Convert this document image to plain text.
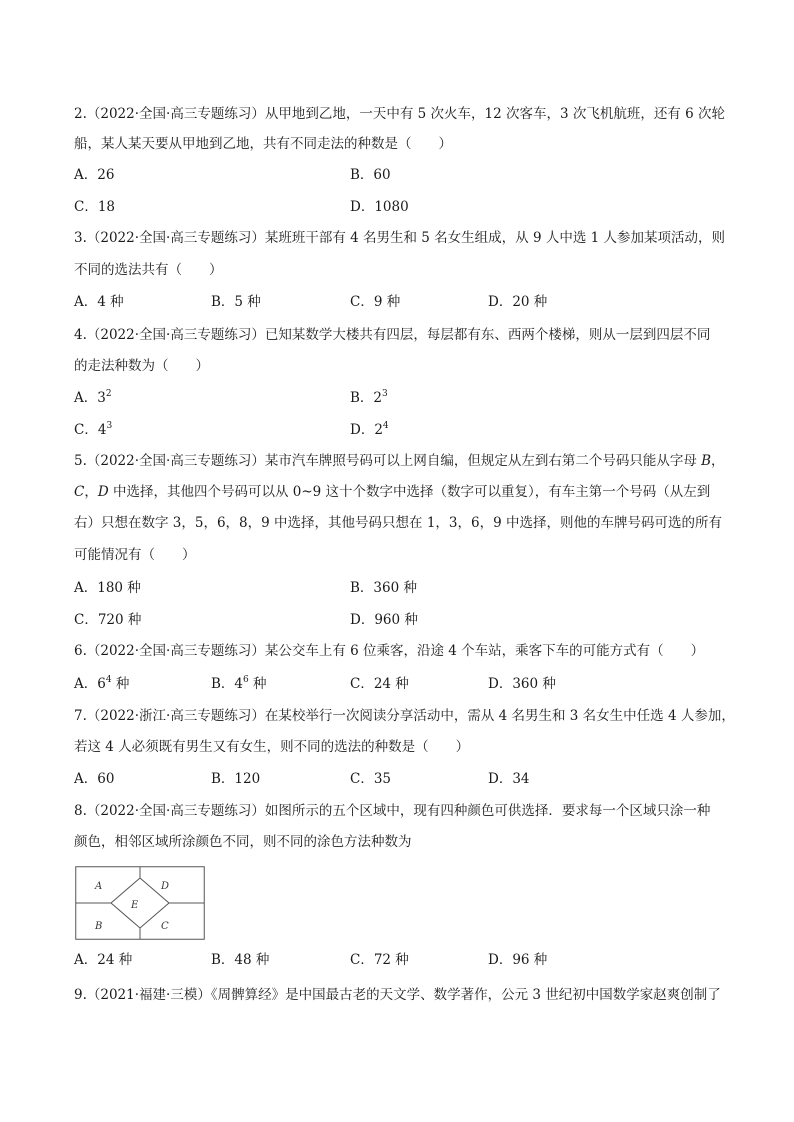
2.（2022·全国·高三专题练习）从甲地到乙地，一天中有 5 次火车，12 次客车，3 次飞机航班，还有 6 次轮
船，某人某天要从甲地到乙地，共有不同走法的种数是（　　）
A．26	B．60
C．18	D．1080
3.（2022·全国·高三专题练习）某班班干部有 4 名男生和 5 名女生组成，从 9 人中选 1 人参加某项活动，则
不同的选法共有（　　）
A．4 种	B．5 种	C．9 种	D．20 种
4.（2022·全国·高三专题练习）已知某数学大楼共有四层，每层都有东、西两个楼梯，则从一层到四层不同
的走法种数为（　　）
A．$3^2$	B．$2^3$
C．$4^3$	D．$2^4$
5.（2022·全国·高三专题练习）某市汽车牌照号码可以上网自编，但规定从左到右第二个号码只能从字母 B，
C，D 中选择，其他四个号码可以从 0~9 这十个数字中选择（数字可以重复），有车主第一个号码（从左到
右）只想在数字 3，5，6，8，9 中选择，其他号码只想在 1，3，6，9 中选择，则他的车牌号码可选的所有
可能情况有（　　）
A．180 种	B．360 种
C．720 种	D．960 种
6.（2022·全国·高三专题练习）某公交车上有 6 位乘客，沿途 4 个车站，乘客下车的可能方式有（　　）
A．$6^4$ 种	B．$4^6$ 种	C．24 种	D．360 种
7.（2022·浙江·高三专题练习）在某校举行一次阅读分享活动中，需从 4 名男生和 3 名女生中任选 4 人参加，
若这 4 人必须既有男生又有女生，则不同的选法的种数是（　　）
A．60	B．120	C．35	D．34
8.（2022·全国·高三专题练习）如图所示的五个区域中，现有四种颜色可供选择．要求每一个区域只涂一种
颜色，相邻区域所涂颜色不同，则不同的涂色方法种数为
A	D
E
B	C
A．24 种	B．48 种	C．72 种	D．96 种
9.（2021·福建·三模）《周髀算经》是中国最古老的天文学、数学著作，公元 3 世纪初中国数学家赵爽创制了
